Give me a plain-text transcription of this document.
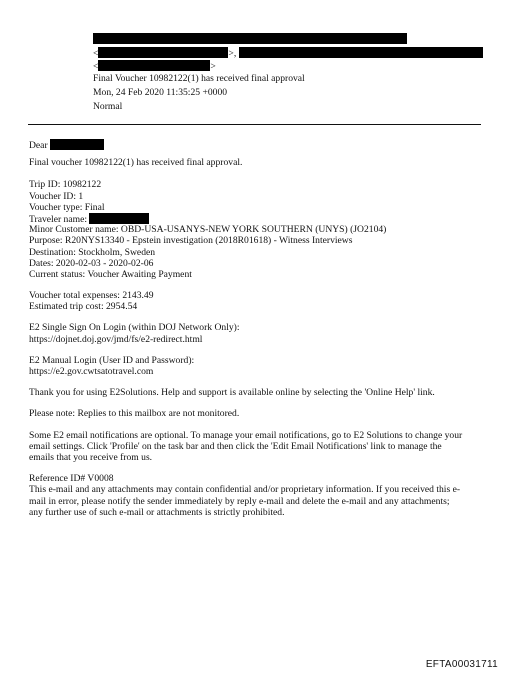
<	>,
<	>
Final Voucher 10982122(1) has received final approval
Mon, 24 Feb 2020 11:35:25 +0000
Normal
Dear
Final voucher 10982122(1) has received final approval.
Trip ID: 10982122
Voucher ID: 1
Voucher type: Final
Traveler name:
Minor Customer name: OBD-USA-USANYS-NEW YORK SOUTHERN (UNYS) (JO2104)
Purpose: R20NYS13340 - Epstein investigation (2018R01618) - Witness Interviews
Destination: Stockholm, Sweden
Dates: 2020-02-03 - 2020-02-06
Current status: Voucher Awaiting Payment
Voucher total expenses: 2143.49
Estimated trip cost: 2954.54
E2 Single Sign On Login (within DOJ Network Only):
https://dojnet.doj.gov/jmd/fs/e2-redirect.html
E2 Manual Login (User ID and Password):
https://e2.gov.cwtsatotravel.com
Thank you for using E2Solutions. Help and support is available online by selecting the 'Online Help' link.
Please note: Replies to this mailbox are not monitored.
Some E2 email notifications are optional. To manage your email notifications, go to E2 Solutions to change your
email settings. Click 'Profile' on the task bar and then click the 'Edit Email Notifications' link to manage the
emails that you receive from us.
Reference ID# V0008
This e-mail and any attachments may contain confidential and/or proprietary information. If you received this e-
mail in error, please notify the sender immediately by reply e-mail and delete the e-mail and any attachments;
any further use of such e-mail or attachments is strictly prohibited.
EFTA00031711
